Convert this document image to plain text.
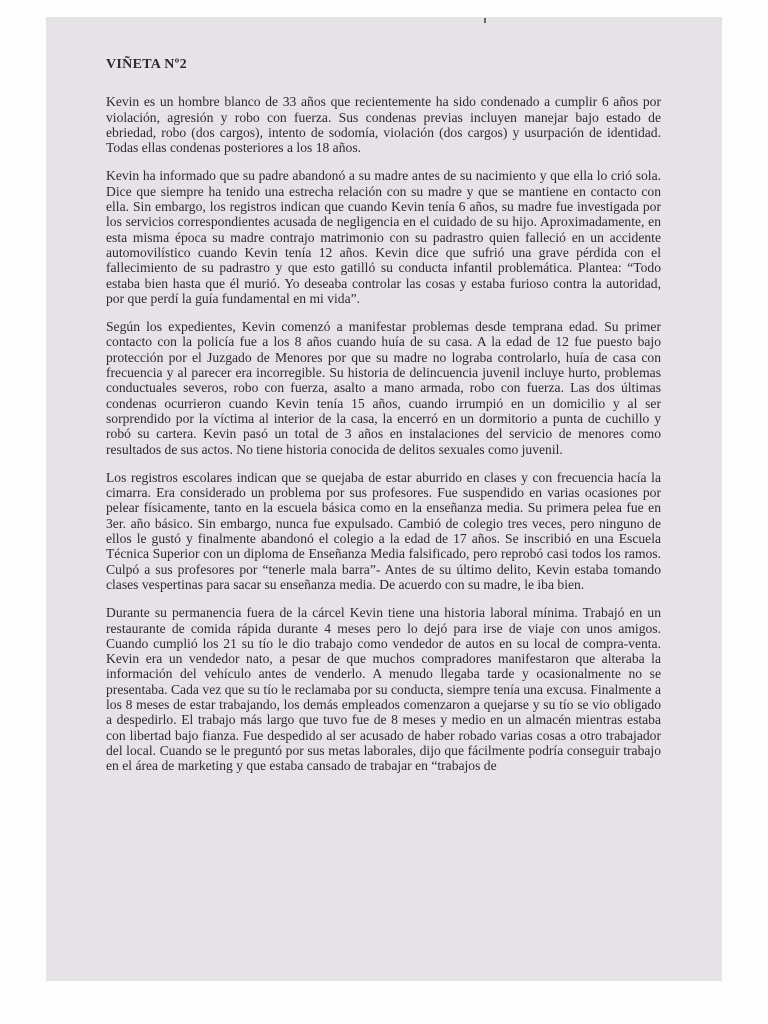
VIÑETA Nº2

Kevin es un hombre blanco de 33 años que recientemente ha sido condenado a cumplir 6 años por violación, agresión y robo con fuerza. Sus condenas previas incluyen manejar bajo estado de ebriedad, robo (dos cargos), intento de sodomía, violación (dos cargos) y usurpación de identidad. Todas ellas condenas posteriores a los 18 años.

Kevin ha informado que su padre abandonó a su madre antes de su nacimiento y que ella lo crió sola. Dice que siempre ha tenido una estrecha relación con su madre y que se mantiene en contacto con ella. Sin embargo, los registros indican que cuando Kevin tenía 6 años, su madre fue investigada por los servicios correspondientes acusada de negligencia en el cuidado de su hijo. Aproximadamente, en esta misma época su madre contrajo matrimonio con su padrastro quien falleció en un accidente automovilístico cuando Kevin tenía 12 años. Kevin dice que sufrió una grave pérdida con el fallecimiento de su padrastro y que esto gatilló su conducta infantil problemática. Plantea: “Todo estaba bien hasta que él murió. Yo deseaba controlar las cosas y estaba furioso contra la autoridad, por que perdí la guía fundamental en mi vida”.

Según los expedientes, Kevin comenzó a manifestar problemas desde temprana edad. Su primer contacto con la policía fue a los 8 años cuando huía de su casa. A la edad de 12 fue puesto bajo protección por el Juzgado de Menores por que su madre no lograba controlarlo, huía de casa con frecuencia y al parecer era incorregible. Su historia de delincuencia juvenil incluye hurto, problemas conductuales severos, robo con fuerza, asalto a mano armada, robo con fuerza. Las dos últimas condenas ocurrieron cuando Kevin tenía 15 años, cuando irrumpió en un domicilio y al ser sorprendido por la víctima al interior de la casa, la encerró en un dormitorio a punta de cuchillo y robó su cartera. Kevin pasó un total de 3 años en instalaciones del servicio de menores como resultados de sus actos. No tiene historia conocida de delitos sexuales como juvenil.

Los registros escolares indican que se quejaba de estar aburrido en clases y con frecuencia hacía la cimarra. Era considerado un problema por sus profesores. Fue suspendido en varias ocasiones por pelear físicamente, tanto en la escuela básica como en la enseñanza media. Su primera pelea fue en 3er. año básico. Sin embargo, nunca fue expulsado. Cambió de colegio tres veces, pero ninguno de ellos le gustó y finalmente abandonó el colegio a la edad de 17 años. Se inscribió en una Escuela Técnica Superior con un diploma de Enseñanza Media falsificado, pero reprobó casi todos los ramos. Culpó a sus profesores por “tenerle mala barra”- Antes de su último delito, Kevin estaba tomando clases vespertinas para sacar su enseñanza media. De acuerdo con su madre, le iba bien.

Durante su permanencia fuera de la cárcel Kevin tiene una historia laboral mínima. Trabajó en un restaurante de comida rápida durante 4 meses pero lo dejó para irse de viaje con unos amigos. Cuando cumplió los 21 su tío le dio trabajo como vendedor de autos en su local de compra-venta. Kevin era un vendedor nato, a pesar de que muchos compradores manifestaron que alteraba la información del vehículo antes de venderlo. A menudo llegaba tarde y ocasionalmente no se presentaba. Cada vez que su tío le reclamaba por su conducta, siempre tenía una excusa. Finalmente a los 8 meses de estar trabajando, los demás empleados comenzaron a quejarse y su tío se vio obligado a despedirlo. El trabajo más largo que tuvo fue de 8 meses y medio en un almacén mientras estaba con libertad bajo fianza. Fue despedido al ser acusado de haber robado varias cosas a otro trabajador del local. Cuando se le preguntó por sus metas laborales, dijo que fácilmente podría conseguir trabajo en el área de marketing y que estaba cansado de trabajar en “trabajos de
